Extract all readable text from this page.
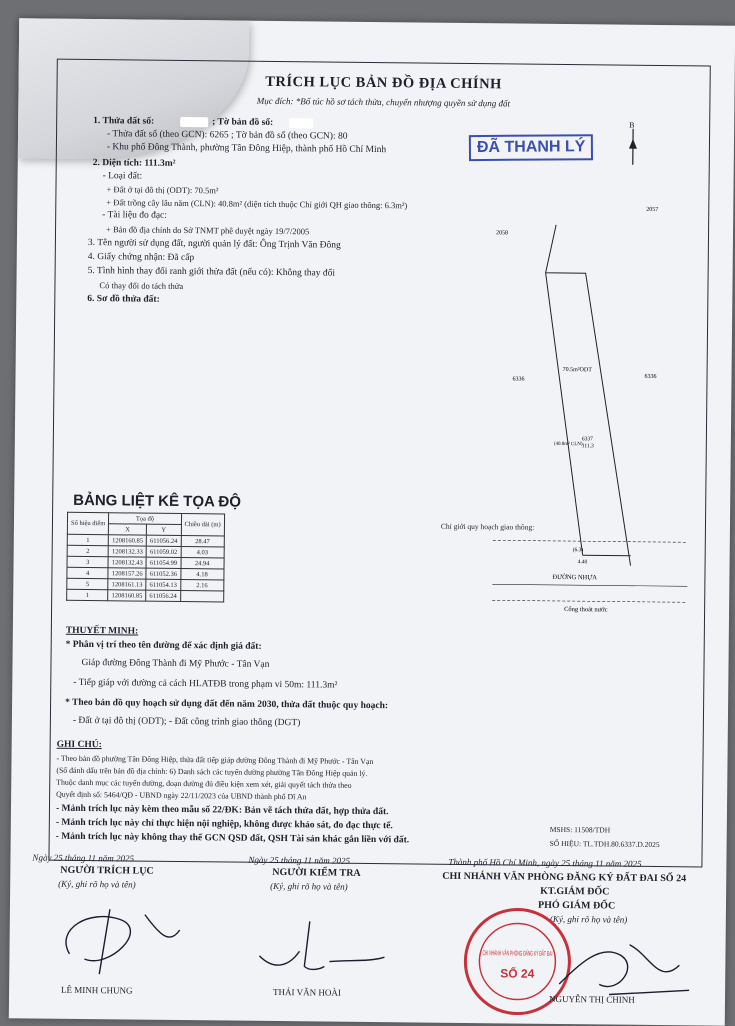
TRÍCH LỤC BẢN ĐỒ ĐỊA CHÍNH
Mục đích: *Bổ túc hồ sơ tách thửa, chuyển nhượng quyền sử dụng đất
1. Thửa đất số:	; Tờ bản đồ số:
- Thửa đất số (theo GCN): 6265 ; Tờ bản đồ số (theo GCN): 80
- Khu phố Đông Thành, phường Tân Đông Hiệp, thành phố Hồ Chí Minh
2. Diện tích: 111.3m²
- Loại đất:
+ Đất ở tại đô thị (ODT): 70.5m²
+ Đất trồng cây lâu năm (CLN): 40.8m² (diện tích thuộc Chỉ giới QH giao thông: 6.3m²)
- Tài liệu đo đạc:
+ Bản đồ địa chính do Sở TNMT phê duyệt ngày 19/7/2005
3. Tên người sử dụng đất, người quản lý đất: Ông Trịnh Văn Đông
4. Giấy chứng nhận: Đã cấp
5. Tình hình thay đổi ranh giới thửa đất (nếu có): Không thay đổi
Có thay đổi do tách thửa
6. Sơ đồ thửa đất:
ĐÃ THANH LÝ
B
2057
2058
6336	6336
70.5m²ODT
6337
111.3
(40.8m² CLN)
(6.3)
4.40
ĐƯỜNG NHỰA
Cống thoát nước
Chỉ giới quy hoạch giao thông:
BẢNG LIỆT KÊ TỌA ĐỘ
Số hiệu điểm	Tọa độ		Chiều dài (m)
	X	Y	
1	1208160.85	611056.24	28.47
2	1208132.33	611059.02	4.03
3	1208132.43	611054.99	24.94
4	1208157.26	611052.36	4.18
5	1208161.13	611054.13	2.16
1	1208160.85	611056.24	
THUYẾT MINH:
* Phân vị trí theo tên đường để xác định giá đất:
Giáp đường Đông Thành đi Mỹ Phước - Tân Vạn
- Tiếp giáp với đường cả cách HLATĐB trong phạm vi 50m: 111.3m²
* Theo bản đồ quy hoạch sử dụng đất đến năm 2030, thửa đất thuộc quy hoạch:
- Đất ở tại đô thị (ODT); - Đất công trình giao thông (DGT)
GHI CHÚ:
- Theo bản đồ phường Tân Đông Hiệp, thửa đất tiếp giáp đường Đông Thành đi Mỹ Phước - Tân Vạn
(Số đánh dấu trên bản đồ địa chính: 6) Danh sách các tuyến đường phường Tân Đông Hiệp quản lý.
Thuộc danh mục các tuyến đường, đoạn đường đủ điều kiện xem xét, giải quyết tách thửa theo
Quyết định số: 5464/QĐ - UBND ngày 22/11/2023 của UBND thành phố Dĩ An
- Mảnh trích lục này kèm theo mẫu số 22/ĐK: Bản vẽ tách thửa đất, hợp thửa đất.
- Mảnh trích lục này chỉ thực hiện nội nghiệp, không được khảo sát, đo đạc thực tế.
- Mảnh trích lục này không thay thế GCN QSD đất, QSH Tài sản khác gắn liền với đất.
MSHS: 11508/TDH
SỐ HIỆU: TL.TDH.80.6337.D.2025
Ngày 25 tháng 11 năm 2025
NGƯỜI TRÍCH LỤC
(Ký, ghi rõ họ và tên)
LÊ MINH CHUNG
Ngày 25 tháng 11 năm 2025
NGƯỜI KIỂM TRA
(Ký, ghi rõ họ và tên)
THÁI VĂN HOÀI
Thành phố Hồ Chí Minh, ngày 25 tháng 11 năm 2025
CHI NHÁNH VĂN PHÒNG ĐĂNG KÝ ĐẤT ĐAI SỐ 24
KT.GIÁM ĐỐC
PHÓ GIÁM ĐỐC
(Ký, ghi rõ họ và tên)
CHI NHÁNH VĂN PHÒNG ĐĂNG KÝ ĐẤT ĐAI
SỐ 24
NGUYỄN THỊ CHINH
